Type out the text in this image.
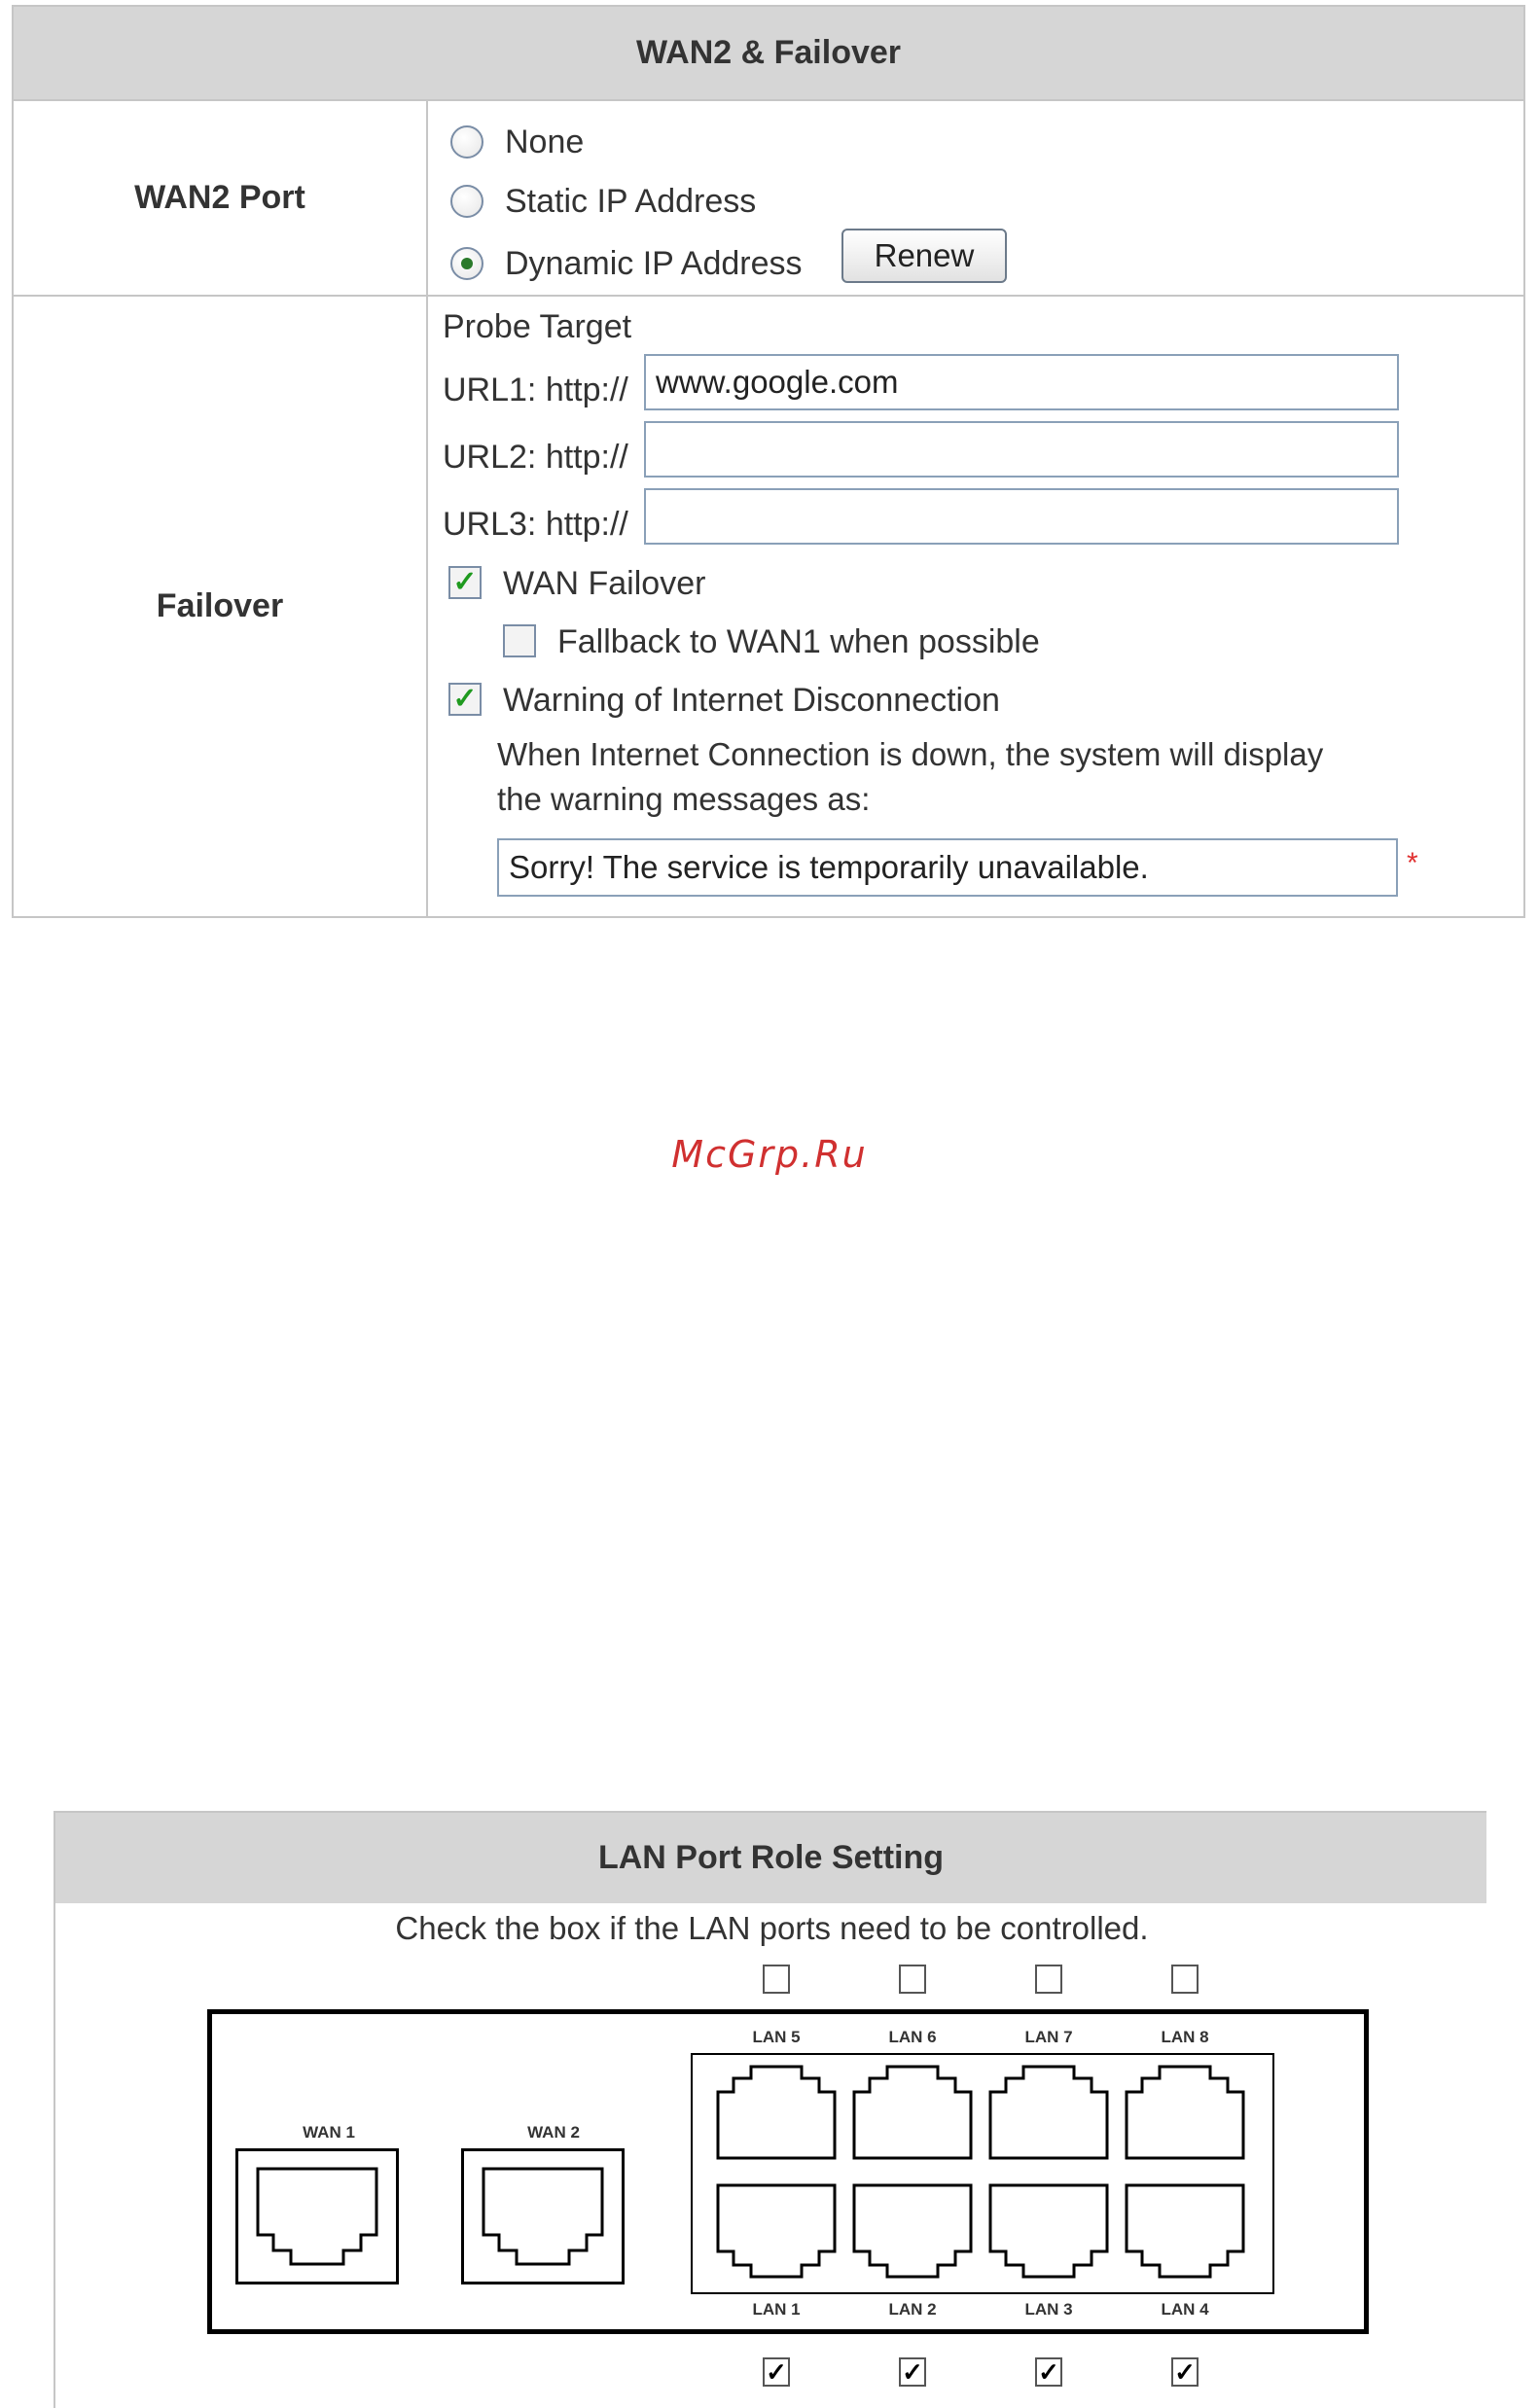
WAN2 & Failover
WAN2 Port
None
Static IP Address
Dynamic IP Address	Renew
Failover
Probe Target
URL1: http:// www.google.com
URL2: http://
URL3: http://
✓ WAN Failover
Fallback to WAN1 when possible
✓ Warning of Internet Disconnection
When Internet Connection is down, the system will display
the warning messages as:
Sorry! The service is temporarily unavailable.	*
McGrp.Ru
LAN Port Role Setting
Check the box if the LAN ports need to be controlled.
WAN 1	WAN 2
LAN 5	LAN 6	LAN 7	LAN 8
LAN 1	LAN 2	LAN 3	LAN 4
✓	✓	✓	✓
